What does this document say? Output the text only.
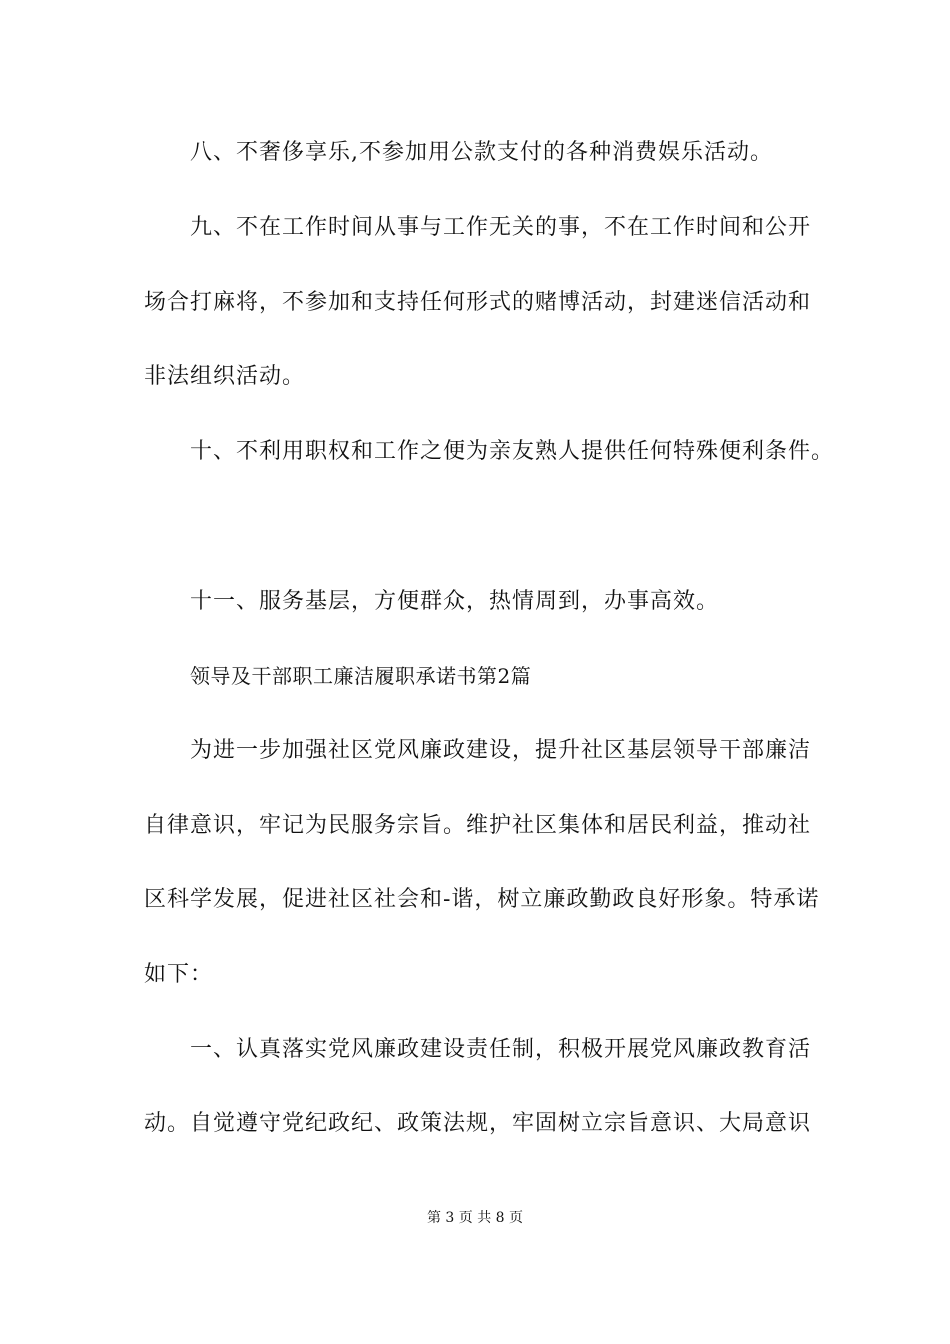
八、不奢侈享乐,不参加用公款支付的各种消费娱乐活动。
九、不在工作时间从事与工作无关的事，不在工作时间和公开
场合打麻将，不参加和支持任何形式的赌博活动，封建迷信活动和
非法组织活动。
十、不利用职权和工作之便为亲友熟人提供任何特殊便利条件。
十一、服务基层，方便群众，热情周到，办事高效。
领导及干部职工廉洁履职承诺书第2篇
为进一步加强社区党风廉政建设，提升社区基层领导干部廉洁
自律意识，牢记为民服务宗旨。维护社区集体和居民利益，推动社
区科学发展，促进社区社会和-谐，树立廉政勤政良好形象。特承诺
如下：
一、认真落实党风廉政建设责任制，积极开展党风廉政教育活
动。自觉遵守党纪政纪、政策法规，牢固树立宗旨意识、大局意识
第 3 页 共 8 页
